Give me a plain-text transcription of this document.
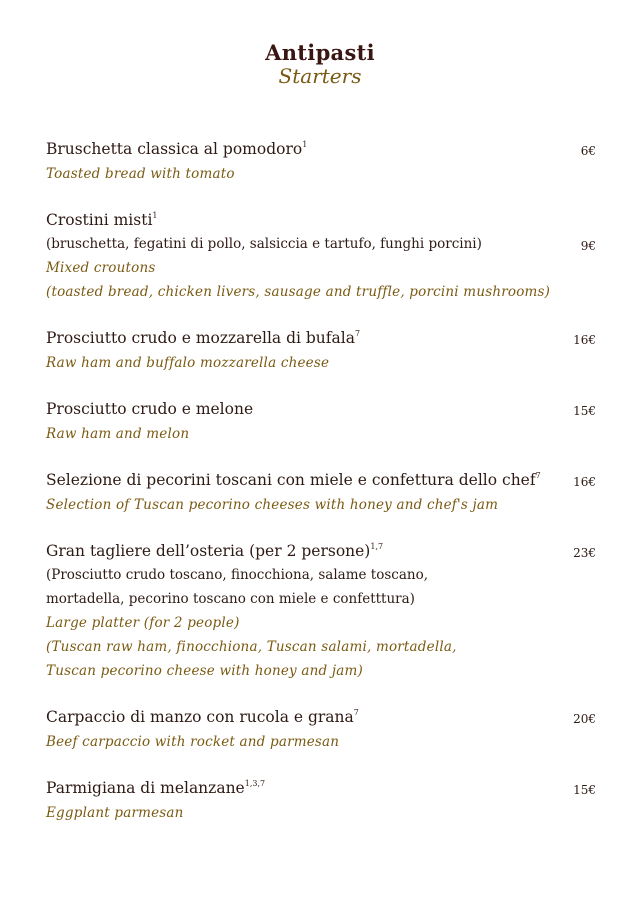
Antipasti
Starters
Bruschetta classica al pomodoro$^1$	6€
Toasted bread with tomato
Crostini misti$^1$
(bruschetta, fegatini di pollo, salsiccia e tartufo, funghi porcini)	9€
Mixed croutons
(toasted bread, chicken livers, sausage and truffle, porcini mushrooms)
Prosciutto crudo e mozzarella di bufala$^7$	16€
Raw ham and buffalo mozzarella cheese
Prosciutto crudo e melone	15€
Raw ham and melon
Selezione di pecorini toscani con miele e confettura dello chef$^7$	16€
Selection of Tuscan pecorino cheeses with honey and chef's jam
Gran tagliere dell’osteria (per 2 persone)$^{1,7}$	23€
(Prosciutto crudo toscano, finocchiona, salame toscano,
mortadella, pecorino toscano con miele e confettturа)
Large platter (for 2 people)
(Tuscan raw ham, finocchiona, Tuscan salami, mortadella,
Tuscan pecorino cheese with honey and jam)
Carpaccio di manzo con rucola e grana$^7$	20€
Beef carpaccio with rocket and parmesan
Parmigiana di melanzane$^{1,3,7}$	15€
Eggplant parmesan
